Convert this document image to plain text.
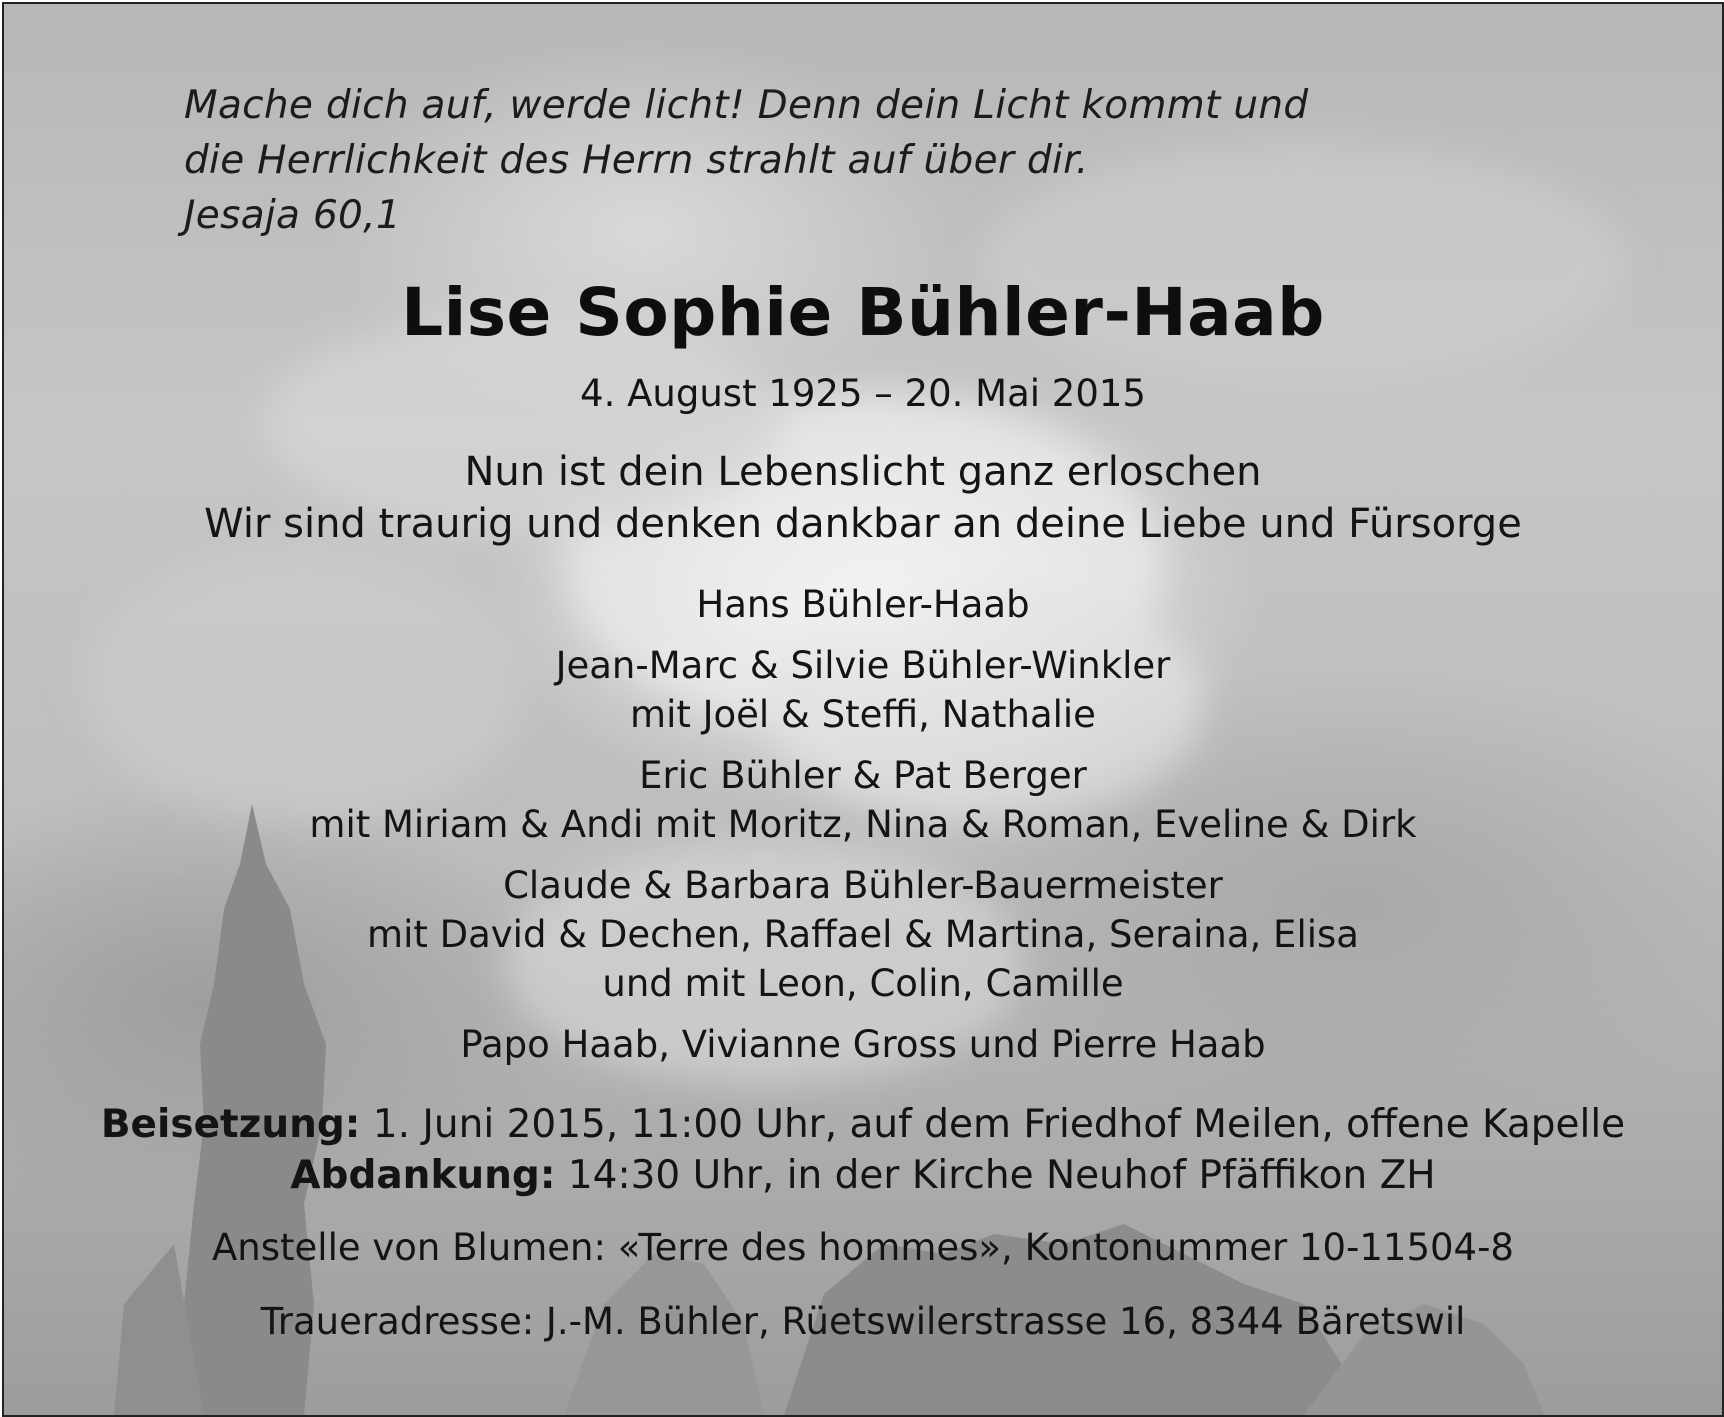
Mache dich auf, werde licht! Denn dein Licht kommt und
die Herrlichkeit des Herrn strahlt auf über dir.
Jesaja 60,1
Lise Sophie Bühler-Haab
4. August 1925 – 20. Mai 2015
Nun ist dein Lebenslicht ganz erloschen
Wir sind traurig und denken dankbar an deine Liebe und Fürsorge
Hans Bühler-Haab
Jean-Marc & Silvie Bühler-Winkler
mit Joël & Steffi, Nathalie
Eric Bühler & Pat Berger
mit Miriam & Andi mit Moritz, Nina & Roman, Eveline & Dirk
Claude & Barbara Bühler-Bauermeister
mit David & Dechen, Raffael & Martina, Seraina, Elisa
und mit Leon, Colin, Camille
Papo Haab, Vivianne Gross und Pierre Haab
Beisetzung: 1. Juni 2015, 11:00 Uhr, auf dem Friedhof Meilen, offene Kapelle
Abdankung: 14:30 Uhr, in der Kirche Neuhof Pfäffikon ZH
Anstelle von Blumen: «Terre des hommes», Kontonummer 10-11504-8
Traueradresse: J.-M. Bühler, Rüetswilerstrasse 16, 8344 Bäretswil
